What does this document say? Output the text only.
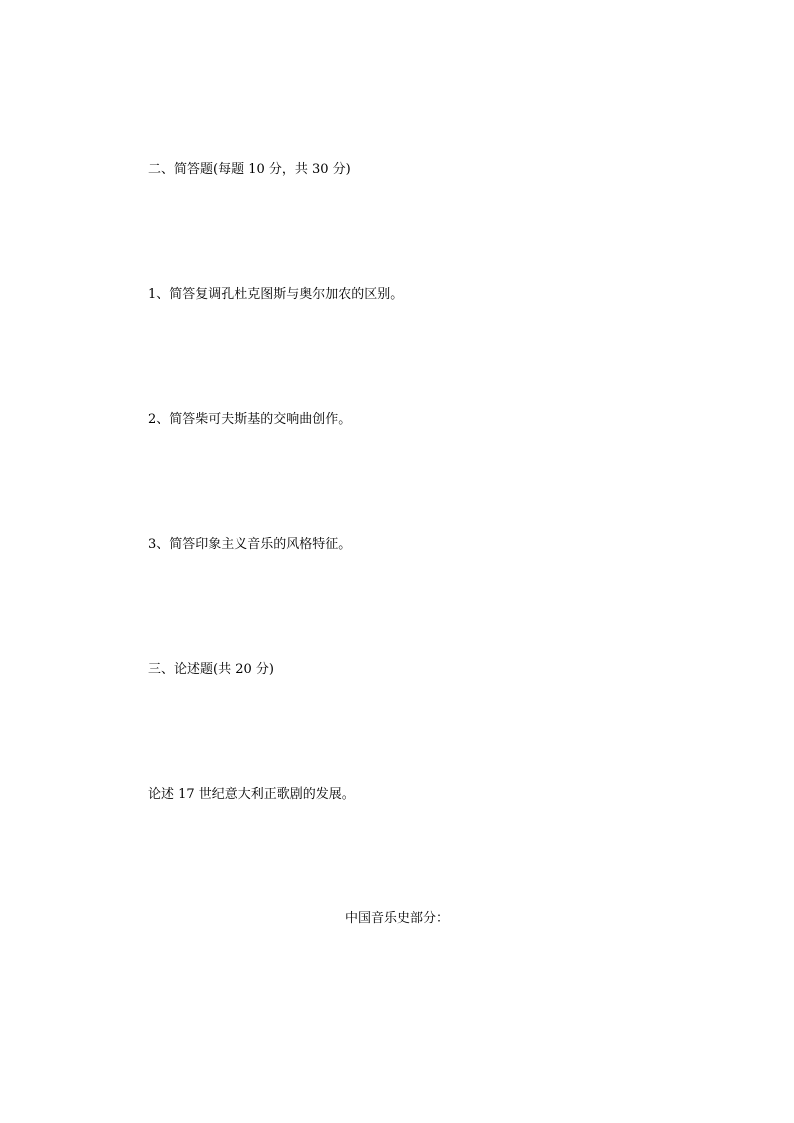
二、简答题(每题 10 分，共 30 分)
1、简答复调孔杜克图斯与奥尔加农的区别。
2、简答柴可夫斯基的交响曲创作。
3、简答印象主义音乐的风格特征。
三、论述题(共 20 分)
论述 17 世纪意大利正歌剧的发展。
中国音乐史部分：
